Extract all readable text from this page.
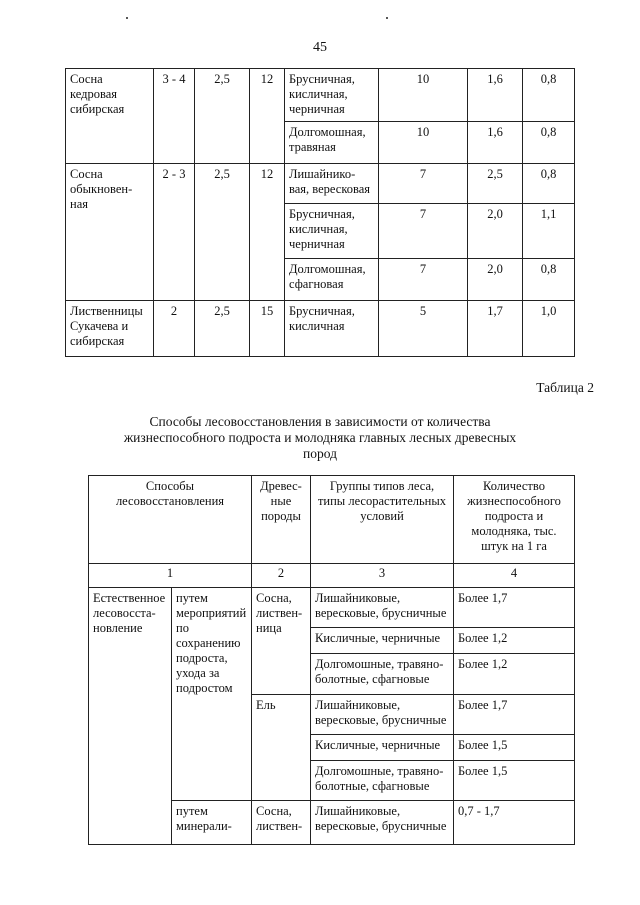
45
Сосна кедровая сибирская	3 - 4	2,5	12	Брусничная, кисличная, черничная	10	1,6	0,8
				Долгомошная, травяная	10	1,6	0,8
Сосна обыкновен-ная	2 - 3	2,5	12	Лишайнико-вая, вересковая	7	2,5	0,8
				Брусничная, кисличная, черничная	7	2,0	1,1
				Долгомошная, сфагновая	7	2,0	0,8
Лиственницы Сукачева и сибирская	2	2,5	15	Брусничная, кисличная	5	1,7	1,0
Таблица 2
Способы лесовосстановления в зависимости от количества жизнеспособного подроста и молодняка главных лесных древесных пород
Способы лесовосстановления		Древес-ные породы	Группы типов леса, типы лесорастительных условий	Количество жизнеспособного подроста и молодняка, тыс. штук на 1 га
1		2	3	4
Естественное лесовосста-новление	путем мероприятий по сохранению подроста, ухода за подростом	Сосна, листвен-ница	Лишайниковые, вересковые, брусничные	Более 1,7
			Кисличные, черничные	Более 1,2
			Долгомошные, травяно-болотные, сфагновые	Более 1,2
		Ель	Лишайниковые, вересковые, брусничные	Более 1,7
			Кисличные, черничные	Более 1,5
			Долгомошные, травяно-болотные, сфагновые	Более 1,5
	путем минерали-	Сосна, листвен-	Лишайниковые, вересковые, брусничные	0,7 - 1,7
